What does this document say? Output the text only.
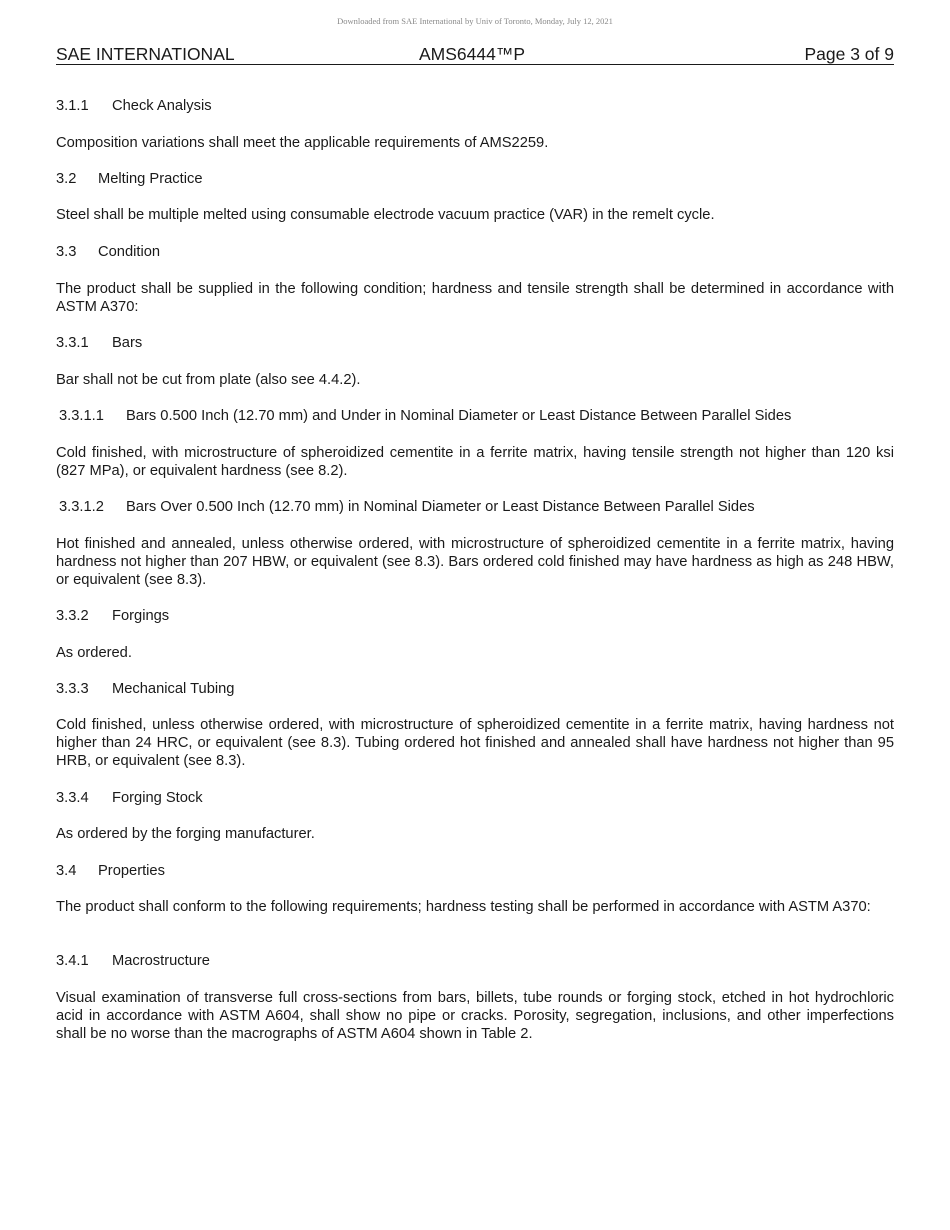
Downloaded from SAE International by Univ of Toronto, Monday, July 12, 2021
SAE INTERNATIONAL	AMS6444™P	Page 3 of 9
3.1.1 Check Analysis
Composition variations shall meet the applicable requirements of AMS2259.
3.2 Melting Practice
Steel shall be multiple melted using consumable electrode vacuum practice (VAR) in the remelt cycle.
3.3 Condition
The product shall be supplied in the following condition; hardness and tensile strength shall be determined in accordance with ASTM A370:
3.3.1 Bars
Bar shall not be cut from plate (also see 4.4.2).
3.3.1.1 Bars 0.500 Inch (12.70 mm) and Under in Nominal Diameter or Least Distance Between Parallel Sides
Cold finished, with microstructure of spheroidized cementite in a ferrite matrix, having tensile strength not higher than 120 ksi (827 MPa), or equivalent hardness (see 8.2).
3.3.1.2 Bars Over 0.500 Inch (12.70 mm) in Nominal Diameter or Least Distance Between Parallel Sides
Hot finished and annealed, unless otherwise ordered, with microstructure of spheroidized cementite in a ferrite matrix, having hardness not higher than 207 HBW, or equivalent (see 8.3). Bars ordered cold finished may have hardness as high as 248 HBW, or equivalent (see 8.3).
3.3.2 Forgings
As ordered.
3.3.3 Mechanical Tubing
Cold finished, unless otherwise ordered, with microstructure of spheroidized cementite in a ferrite matrix, having hardness not higher than 24 HRC, or equivalent (see 8.3). Tubing ordered hot finished and annealed shall have hardness not higher than 95 HRB, or equivalent (see 8.3).
3.3.4 Forging Stock
As ordered by the forging manufacturer.
3.4 Properties
The product shall conform to the following requirements; hardness testing shall be performed in accordance with ASTM A370:
3.4.1 Macrostructure
Visual examination of transverse full cross-sections from bars, billets, tube rounds or forging stock, etched in hot hydrochloric acid in accordance with ASTM A604, shall show no pipe or cracks. Porosity, segregation, inclusions, and other imperfections shall be no worse than the macrographs of ASTM A604 shown in Table 2.
